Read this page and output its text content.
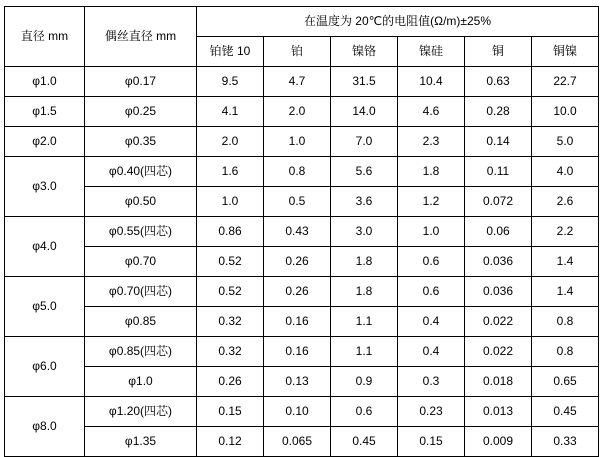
直径 mm	偶丝直径 mm	在温度为 20℃的电阻值(Ω/m)±25%					
		铂铑 10	铂	镍铬	镍硅	铜	铜镍
φ1.0	φ0.17	9.5	4.7	31.5	10.4	0.63	22.7
φ1.5	φ0.25	4.1	2.0	14.0	4.6	0.28	10.0
φ2.0	φ0.35	2.0	1.0	7.0	2.3	0.14	5.0
φ3.0	φ0.40(四芯)	1.6	0.8	5.6	1.8	0.11	4.0
	φ0.50	1.0	0.5	3.6	1.2	0.072	2.6
φ4.0	φ0.55(四芯)	0.86	0.43	3.0	1.0	0.06	2.2
	φ0.70	0.52	0.26	1.8	0.6	0.036	1.4
φ5.0	φ0.70(四芯)	0.52	0.26	1.8	0.6	0.036	1.4
	φ0.85	0.32	0.16	1.1	0.4	0.022	0.8
φ6.0	φ0.85(四芯)	0.32	0.16	1.1	0.4	0.022	0.8
	φ1.0	0.26	0.13	0.9	0.3	0.018	0.65
φ8.0	φ1.20(四芯)	0.15	0.10	0.6	0.23	0.013	0.45
	φ1.35	0.12	0.065	0.45	0.15	0.009	0.33
